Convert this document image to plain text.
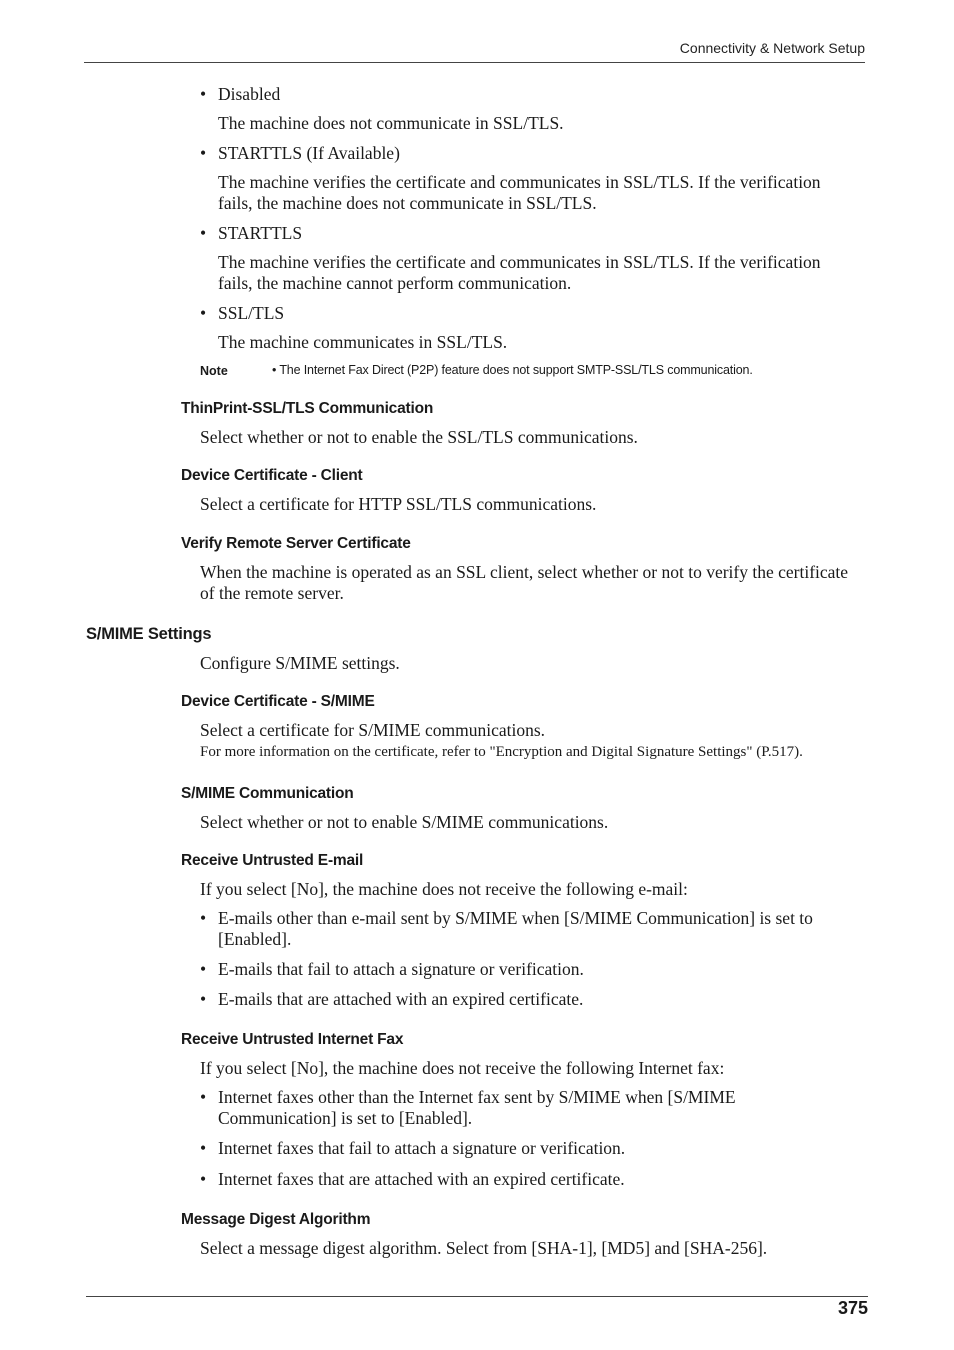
Connectivity & Network Setup
• Disabled

The machine does not communicate in SSL/TLS.

• STARTTLS (If Available)

The machine verifies the certificate and communicates in SSL/TLS. If the verification fails, the machine does not communicate in SSL/TLS.

• STARTTLS

The machine verifies the certificate and communicates in SSL/TLS. If the verification fails, the machine cannot perform communication.

• SSL/TLS

The machine communicates in SSL/TLS.

Note	• The Internet Fax Direct (P2P) feature does not support SMTP-SSL/TLS communication.
ThinPrint-SSL/TLS Communication

Select whether or not to enable the SSL/TLS communications.

Device Certificate - Client

Select a certificate for HTTP SSL/TLS communications.

Verify Remote Server Certificate

When the machine is operated as an SSL client, select whether or not to verify the certificate of the remote server.

S/MIME Settings

Configure S/MIME settings.

Device Certificate - S/MIME

Select a certificate for S/MIME communications.

For more information on the certificate, refer to "Encryption and Digital Signature Settings" (P.517).

S/MIME Communication

Select whether or not to enable S/MIME communications.

Receive Untrusted E-mail

If you select [No], the machine does not receive the following e-mail:

• E-mails other than e-mail sent by S/MIME when [S/MIME Communication] is set to [Enabled].
• E-mails that fail to attach a signature or verification.
• E-mails that are attached with an expired certificate.
Receive Untrusted Internet Fax

If you select [No], the machine does not receive the following Internet fax:

• Internet faxes other than the Internet fax sent by S/MIME when [S/MIME Communication] is set to [Enabled].
• Internet faxes that fail to attach a signature or verification.
• Internet faxes that are attached with an expired certificate.
Message Digest Algorithm

Select a message digest algorithm. Select from [SHA-1], [MD5] and [SHA-256].

375
